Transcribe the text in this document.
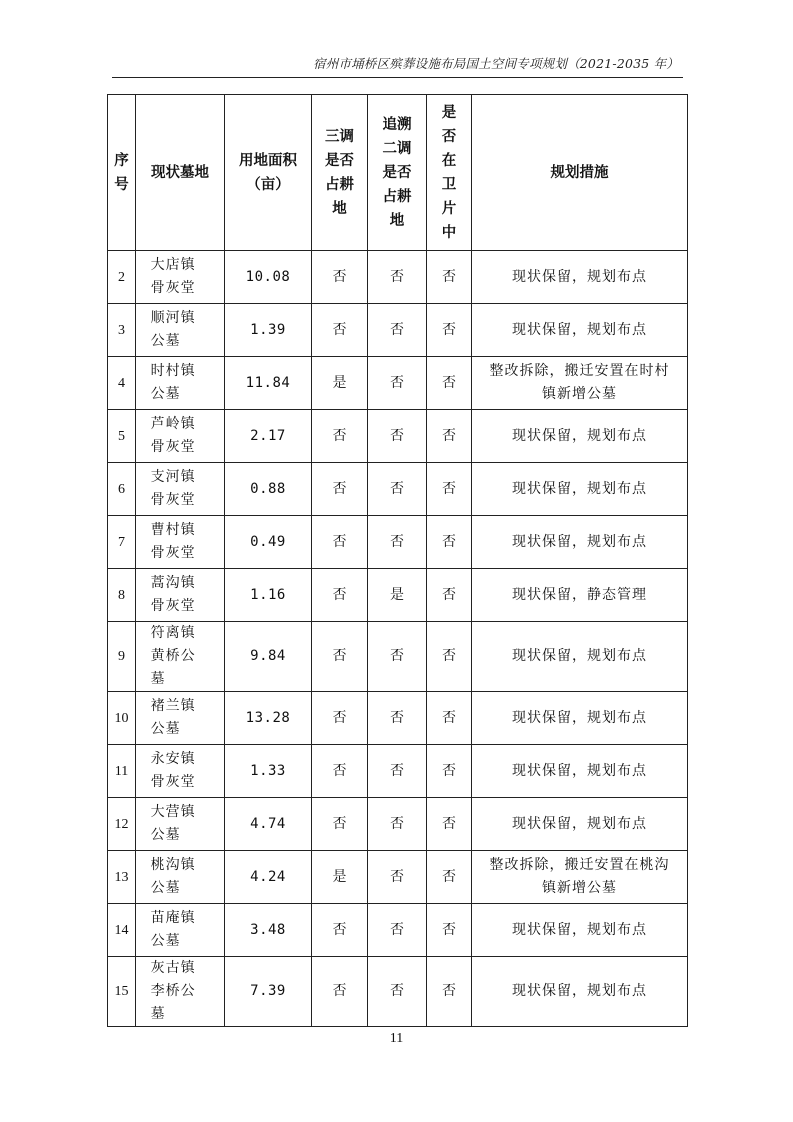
宿州市埇桥区殡葬设施布局国土空间专项规划（2021-2035 年）
序号	现状墓地	用地面积（亩）	三调是否占耕地	追溯二调是否占耕地	是否在卫片中	规划措施
2	大店镇骨灰堂	10.08	否	否	否	现状保留，规划布点
3	顺河镇公墓	1.39	否	否	否	现状保留，规划布点
4	时村镇公墓	11.84	是	否	否	整改拆除，搬迁安置在时村镇新增公墓
5	芦岭镇骨灰堂	2.17	否	否	否	现状保留，规划布点
6	支河镇骨灰堂	0.88	否	否	否	现状保留，规划布点
7	曹村镇骨灰堂	0.49	否	否	否	现状保留，规划布点
8	蒿沟镇骨灰堂	1.16	否	是	否	现状保留，静态管理
9	符离镇黄桥公墓	9.84	否	否	否	现状保留，规划布点
10	褚兰镇公墓	13.28	否	否	否	现状保留，规划布点
11	永安镇骨灰堂	1.33	否	否	否	现状保留，规划布点
12	大营镇公墓	4.74	否	否	否	现状保留，规划布点
13	桃沟镇公墓	4.24	是	否	否	整改拆除，搬迁安置在桃沟镇新增公墓
14	苗庵镇公墓	3.48	否	否	否	现状保留，规划布点
15	灰古镇李桥公墓	7.39	否	否	否	现状保留，规划布点
11
